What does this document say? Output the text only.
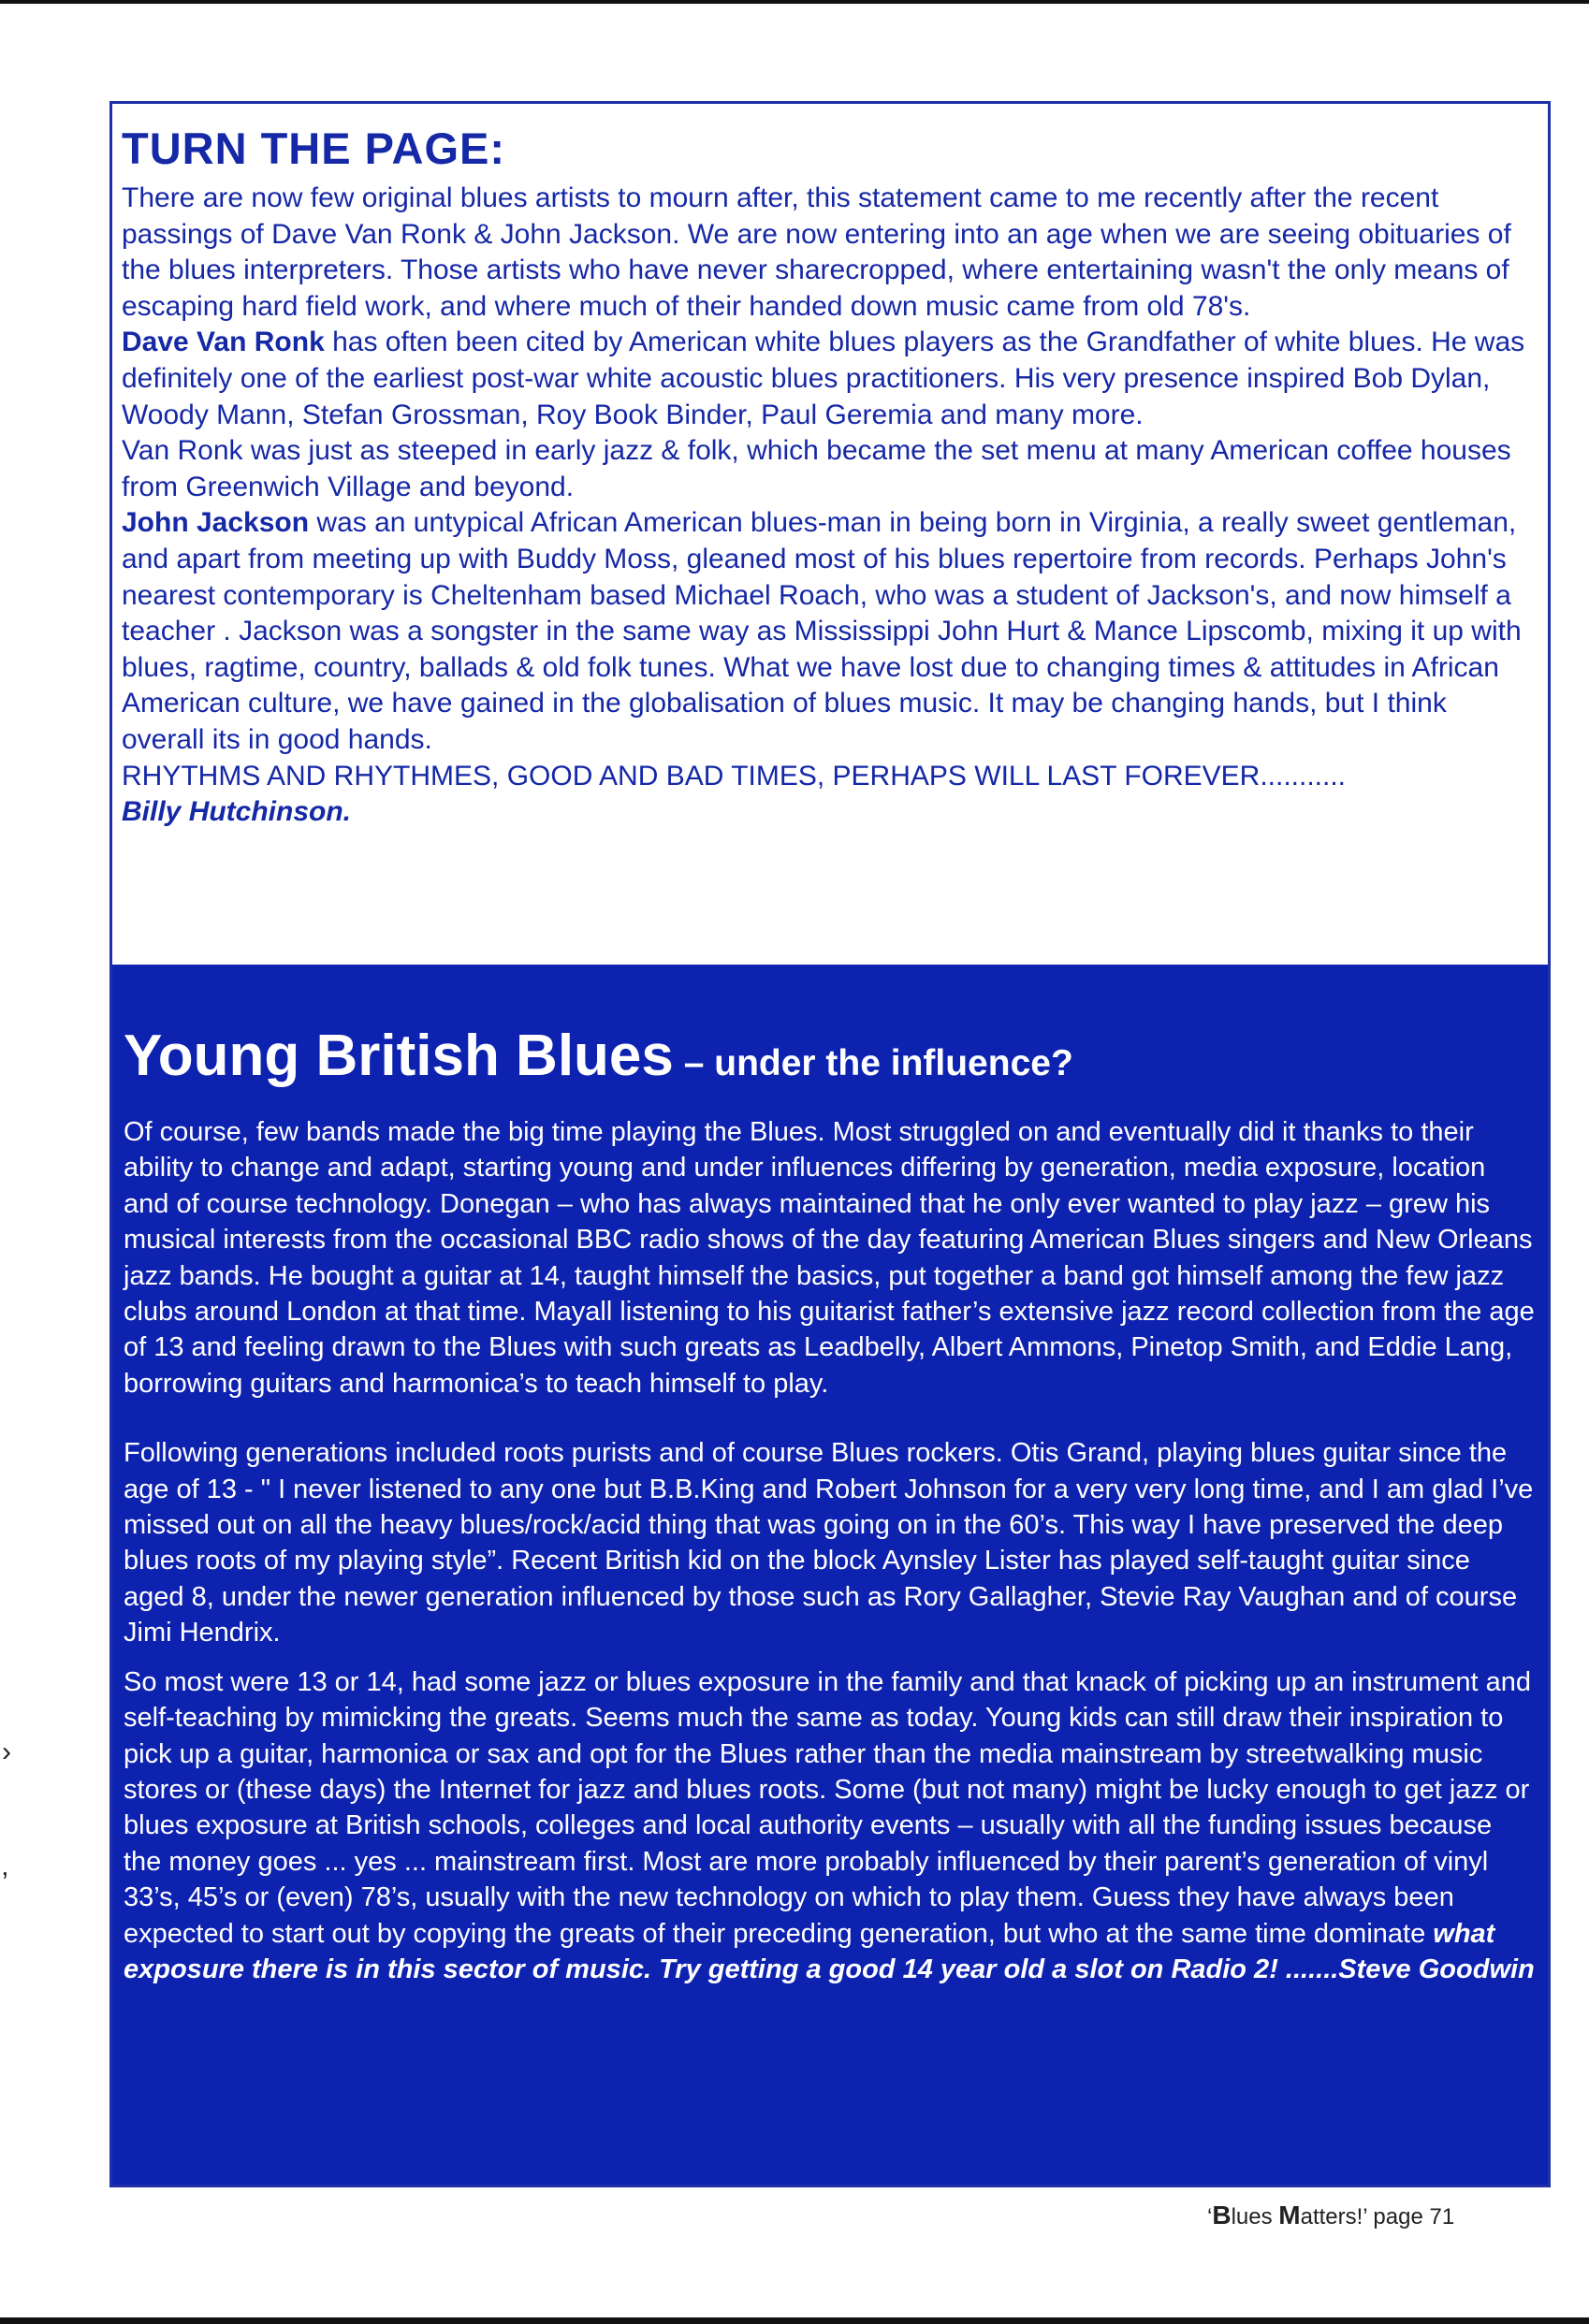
›
‚
TURN THE PAGE:

There are now few original blues artists to mourn after, this statement came to me recently after the recent passings of Dave Van Ronk & John Jackson. We are now entering into an age when we are seeing obituaries of the blues interpreters. Those artists who have never sharecropped, where entertaining wasn't the only means of escaping hard field work, and where much of their handed down music came from old 78's.

Dave Van Ronk has often been cited by American white blues players as the Grandfather of white blues. He was definitely one of the earliest post-war white acoustic blues practitioners. His very presence inspired Bob Dylan, Woody Mann, Stefan Grossman, Roy Book Binder, Paul Geremia and many more.

Van Ronk was just as steeped in early jazz & folk, which became the set menu at many American coffee houses from Greenwich Village and beyond.

John Jackson was an untypical African American blues-man in being born in Virginia, a really sweet gentleman, and apart from meeting up with Buddy Moss, gleaned most of his blues repertoire from records. Perhaps John's nearest contemporary is Cheltenham based Michael Roach, who was a student of Jackson's, and now himself a teacher . Jackson was a songster in the same way as Mississippi John Hurt & Mance Lipscomb, mixing it up with blues, ragtime, country, ballads & old folk tunes. What we have lost due to changing times & attitudes in African American culture, we have gained in the globalisation of blues music. It may be changing hands, but I think overall its in good hands.

RHYTHMS AND RHYTHMES, GOOD AND BAD TIMES, PERHAPS WILL LAST FOREVER...........

Billy Hutchinson.

Young British Blues – under the influence?

Of course, few bands made the big time playing the Blues. Most struggled on and eventually did it thanks to their ability to change and adapt, starting young and under influences differing by generation, media exposure, location and of course technology. Donegan – who has always maintained that he only ever wanted to play jazz – grew his musical interests from the occasional BBC radio shows of the day featuring American Blues singers and New Orleans jazz bands. He bought a guitar at 14, taught himself the basics, put together a band got himself among the few jazz clubs around London at that time. Mayall listening to his guitarist father’s extensive jazz record collection from the age of 13 and feeling drawn to the Blues with such greats as Leadbelly, Albert Ammons, Pinetop Smith, and Eddie Lang, borrowing guitars and harmonica’s to teach himself to play.

Following generations included roots purists and of course Blues rockers. Otis Grand, playing blues guitar since the age of 13 - " I never listened to any one but B.B.King and Robert Johnson for a very very long time, and I am glad I’ve missed out on all the heavy blues/rock/acid thing that was going on in the 60’s. This way I have preserved the deep blues roots of my playing style”. Recent British kid on the block Aynsley Lister has played self-taught guitar since aged 8, under the newer generation influenced by those such as Rory Gallagher, Stevie Ray Vaughan and of course Jimi Hendrix.

So most were 13 or 14, had some jazz or blues exposure in the family and that knack of picking up an instrument and self-teaching by mimicking the greats. Seems much the same as today. Young kids can still draw their inspiration to pick up a guitar, harmonica or sax and opt for the Blues rather than the media mainstream by streetwalking music stores or (these days) the Internet for jazz and blues roots. Some (but not many) might be lucky enough to get jazz or blues exposure at British schools, colleges and local authority events – usually with all the funding issues because the money goes ... yes ... mainstream first. Most are more probably influenced by their parent’s generation of vinyl 33’s, 45’s or (even) 78’s, usually with the new technology on which to play them. Guess they have always been expected to start out by copying the greats of their preceding generation, but who at the same time dominate what exposure there is in this sector of music. Try getting a good 14 year old a slot on Radio 2! .......Steve Goodwin

‘Blues Matters!’ page 71
